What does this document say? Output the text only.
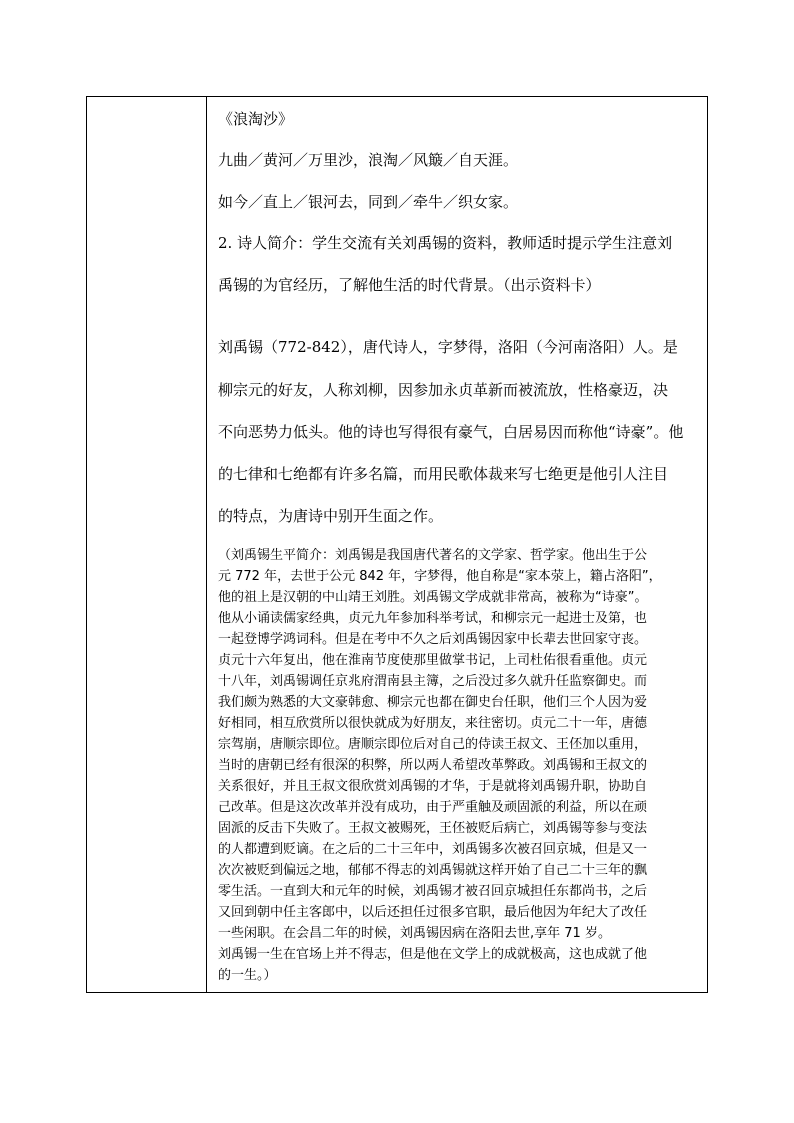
《浪淘沙》
九曲／黄河／万里沙，浪淘／风簸／自天涯。
如今／直上／银河去，同到／牵牛／织女家。
2. 诗人简介：学生交流有关刘禹锡的资料，教师适时提示学生注意刘
禹锡的为官经历，了解他生活的时代背景。（出示资料卡）
刘禹锡（772-842），唐代诗人，字梦得，洛阳（今河南洛阳）人。是
柳宗元的好友，人称刘柳，因参加永贞革新而被流放，性格豪迈，决
不向恶势力低头。他的诗也写得很有豪气，白居易因而称他“诗豪”。他
的七律和七绝都有许多名篇，而用民歌体裁来写七绝更是他引人注目
的特点，为唐诗中别开生面之作。
（刘禹锡生平简介：刘禹锡是我国唐代著名的文学家、哲学家。他出生于公
元 772 年，去世于公元 842 年，字梦得，他自称是“家本荥上，籍占洛阳”，
他的祖上是汉朝的中山靖王刘胜。刘禹锡文学成就非常高，被称为“诗豪”。
他从小诵读儒家经典，贞元九年参加科举考试，和柳宗元一起进士及第，也
一起登博学鸿词科。但是在考中不久之后刘禹锡因家中长辈去世回家守丧。
贞元十六年复出，他在淮南节度使那里做掌书记，上司杜佑很看重他。贞元
十八年，刘禹锡调任京兆府渭南县主簿，之后没过多久就升任监察御史。而
我们颇为熟悉的大文豪韩愈、柳宗元也都在御史台任职，他们三个人因为爱
好相同，相互欣赏所以很快就成为好朋友，来往密切。贞元二十一年，唐德
宗驾崩，唐顺宗即位。唐顺宗即位后对自己的侍读王叔文、王伾加以重用，
当时的唐朝已经有很深的积弊，所以两人希望改革弊政。刘禹锡和王叔文的
关系很好，并且王叔文很欣赏刘禹锡的才华，于是就将刘禹锡升职，协助自
己改革。但是这次改革并没有成功，由于严重触及顽固派的利益，所以在顽
固派的反击下失败了。王叔文被赐死，王伾被贬后病亡，刘禹锡等参与变法
的人都遭到贬谪。在之后的二十三年中，刘禹锡多次被召回京城，但是又一
次次被贬到偏远之地，郁郁不得志的刘禹锡就这样开始了自己二十三年的飘
零生活。一直到大和元年的时候，刘禹锡才被召回京城担任东都尚书，之后
又回到朝中任主客郎中，以后还担任过很多官职，最后他因为年纪大了改任
一些闲职。在会昌二年的时候，刘禹锡因病在洛阳去世,享年 71 岁。
刘禹锡一生在官场上并不得志，但是他在文学上的成就极高，这也成就了他
的一生。）
